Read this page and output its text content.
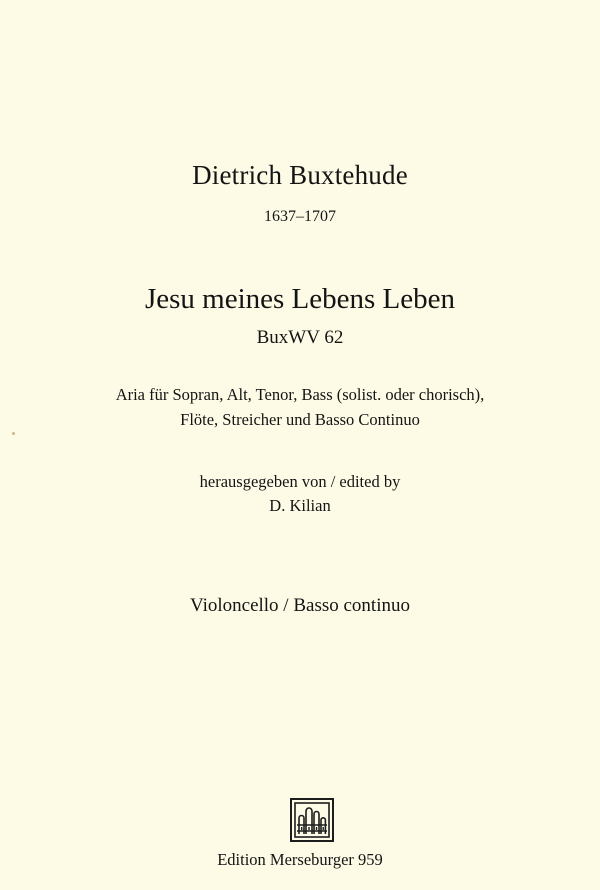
Dietrich Buxtehude
1637–1707
Jesu meines Lebens Leben
BuxWV 62
Aria für Sopran, Alt, Tenor, Bass (solist. oder chorisch),
Flöte, Streicher und Basso Continuo
herausgegeben von / edited by
D. Kilian
Violoncello / Basso continuo
Edition Merseburger 959
